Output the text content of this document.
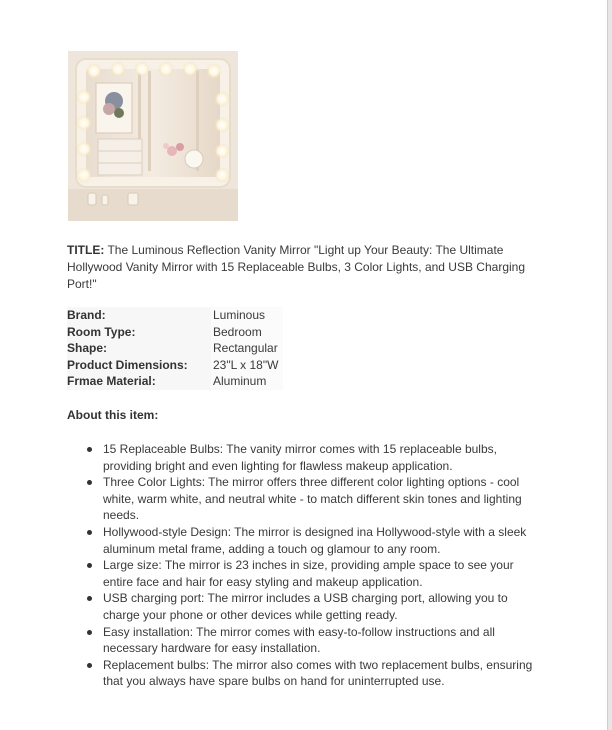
TITLE: The Luminous Reflection Vanity Mirror "Light up Your Beauty: The Ultimate Hollywood Vanity Mirror with 15 Replaceable Bulbs, 3 Color Lights, and USB Charging Port!"
Brand:	Luminous
Room Type:	Bedroom
Shape:	Rectangular
Product Dimensions:	23"L x 18"W
Frmae Material:	Aluminum
About this item:
15 Replaceable Bulbs: The vanity mirror comes with 15 replaceable bulbs, providing bright and even lighting for flawless makeup application.
Three Color Lights: The mirror offers three different color lighting options - cool white, warm white, and neutral white - to match different skin tones and lighting needs.
Hollywood-style Design: The mirror is designed ina Hollywood-style with a sleek aluminum metal frame, adding a touch og glamour to any room.
Large size: The mirror is 23 inches in size, providing ample space to see your entire face and hair for easy styling and makeup application.
USB charging port: The mirror includes a USB charging port, allowing you to charge your phone or other devices while getting ready.
Easy installation: The mirror comes with easy-to-follow instructions and all necessary hardware for easy installation.
Replacement bulbs: The mirror also comes with two replacement bulbs, ensuring that you always have spare bulbs on hand for uninterrupted use.
